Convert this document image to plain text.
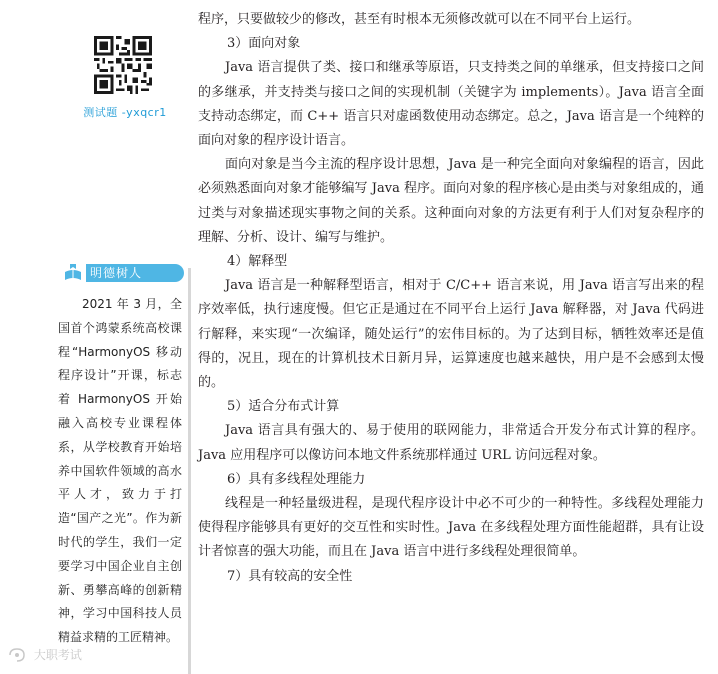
测试题 -yxqcr1
明德树人

2021 年 3 月，全国首个鸿蒙系统高校课程“HarmonyOS 移动程序设计”开课，标志着 HarmonyOS 开始融入高校专业课程体系，从学校教育开始培养中国软件领域的高水平人才，致力于打造“国产之光”。作为新时代的学生，我们一定要学习中国企业自主创新、勇攀高峰的创新精神，学习中国科技人员精益求精的工匠精神。

程序，只要做较少的修改，甚至有时根本无须修改就可以在不同平台上运行。

3）面向对象

Java 语言提供了类、接口和继承等原语，只支持类之间的单继承，但支持接口之间的多继承，并支持类与接口之间的实现机制（关键字为 implements）。Java 语言全面支持动态绑定，而 C++ 语言只对虚函数使用动态绑定。总之，Java 语言是一个纯粹的面向对象的程序设计语言。

面向对象是当今主流的程序设计思想，Java 是一种完全面向对象编程的语言，因此必须熟悉面向对象才能够编写 Java 程序。面向对象的程序核心是由类与对象组成的，通过类与对象描述现实事物之间的关系。这种面向对象的方法更有利于人们对复杂程序的理解、分析、设计、编写与维护。

4）解释型

Java 语言是一种解释型语言，相对于 C/C++ 语言来说，用 Java 语言写出来的程序效率低，执行速度慢。但它正是通过在不同平台上运行 Java 解释器，对 Java 代码进行解释，来实现“一次编译，随处运行”的宏伟目标的。为了达到目标，牺牲效率还是值得的，况且，现在的计算机技术日新月异，运算速度也越来越快，用户是不会感到太慢的。

5）适合分布式计算

Java 语言具有强大的、易于使用的联网能力，非常适合开发分布式计算的程序。Java 应用程序可以像访问本地文件系统那样通过 URL 访问远程对象。

6）具有多线程处理能力

线程是一种轻量级进程，是现代程序设计中必不可少的一种特性。多线程处理能力使得程序能够具有更好的交互性和实时性。Java 在多线程处理方面性能超群，具有让设计者惊喜的强大功能，而且在 Java 语言中进行多线程处理很简单。

7）具有较高的安全性

大职考试
